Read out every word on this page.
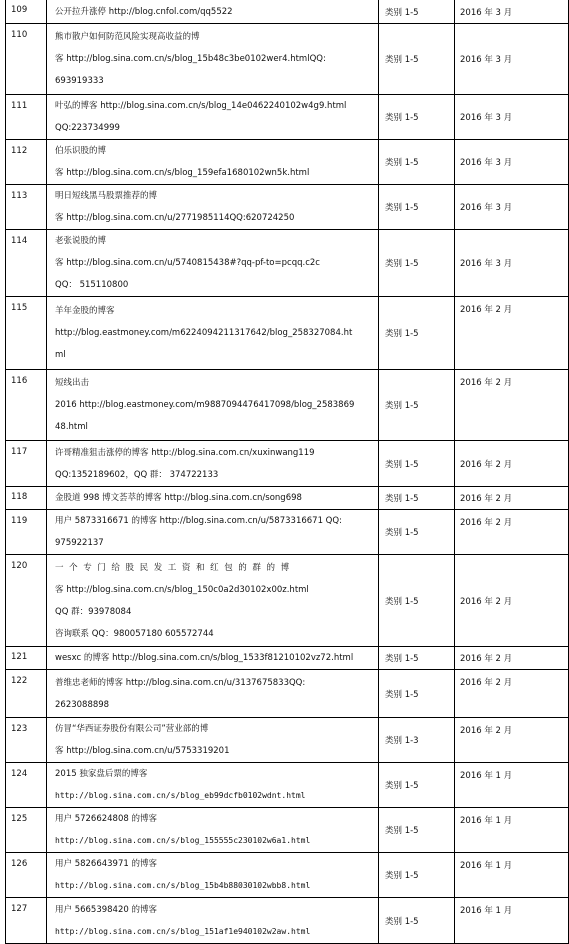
109	公开拉升涨停 http://blog.cnfol.com/qq5522	类别 1-5	2016 年 3 月
110	熊市散户如何防范风险实现高收益的博
客 http://blog.sina.com.cn/s/blog_15b48c3be0102wer4.htmlQQ:
693919333	类别 1-5	2016 年 3 月
111	叶弘的博客 http://blog.sina.com.cn/s/blog_14e0462240102w4g9.html
QQ:223734999	类别 1-5	2016 年 3 月
112	伯乐识股的博
客 http://blog.sina.com.cn/s/blog_159efa1680102wn5k.html	类别 1-5	2016 年 3 月
113	明日短线黑马股票推荐的博
客 http://blog.sina.com.cn/u/2771985114QQ:620724250	类别 1-5	2016 年 3 月
114	老张说股的博
客 http://blog.sina.com.cn/u/5740815438#?qq-pf-to=pcqq.c2c
QQ： 515110800	类别 1-5	2016 年 3 月
115	羊年金股的博客
http://blog.eastmoney.com/m6224094211317642/blog_258327084.ht
ml	类别 1-5	2016 年 2 月
116	短线出击
2016 http://blog.eastmoney.com/m9887094476417098/blog_2583869
48.html	类别 1-5	2016 年 2 月
117	许哥精准狙击涨停的博客 http://blog.sina.com.cn/xuxinwang119
QQ:1352189602，QQ 群： 374722133	类别 1-5	2016 年 2 月
118	金股道 998 博文荟萃的博客 http://blog.sina.com.cn/song698	类别 1-5	2016 年 2 月
119	用户 5873316671 的博客 http://blog.sina.com.cn/u/5873316671 QQ:
975922137	类别 1-5	2016 年 2 月
120	一个专门给股民发工资和红包的群的博
客 http://blog.sina.com.cn/s/blog_150c0a2d30102x00z.html
QQ 群：93978084
咨询联系 QQ：980057180 605572744	类别 1-5	2016 年 2 月
121	wesxc 的博客 http://blog.sina.com.cn/s/blog_1533f81210102vz72.html	类别 1-5	2016 年 2 月
122	普维忠老师的博客 http://blog.sina.com.cn/u/3137675833QQ:
2623088898	类别 1-5	2016 年 2 月
123	仿冒“华西证券股份有限公司”营业部的博
客 http://blog.sina.com.cn/u/5753319201	类别 1-3	2016 年 2 月
124	2015 独家盘后票的博客
http://blog.sina.com.cn/s/blog_eb99dcfb0102wdnt.html	类别 1-5	2016 年 1 月
125	用户 5726624808 的博客
http://blog.sina.com.cn/s/blog_155555c230102w6a1.html	类别 1-5	2016 年 1 月
126	用户 5826643971 的博客
http://blog.sina.com.cn/s/blog_15b4b88030102wbb8.html	类别 1-5	2016 年 1 月
127	用户 5665398420 的博客
http://blog.sina.com.cn/s/blog_151af1e940102w2aw.html	类别 1-5	2016 年 1 月
